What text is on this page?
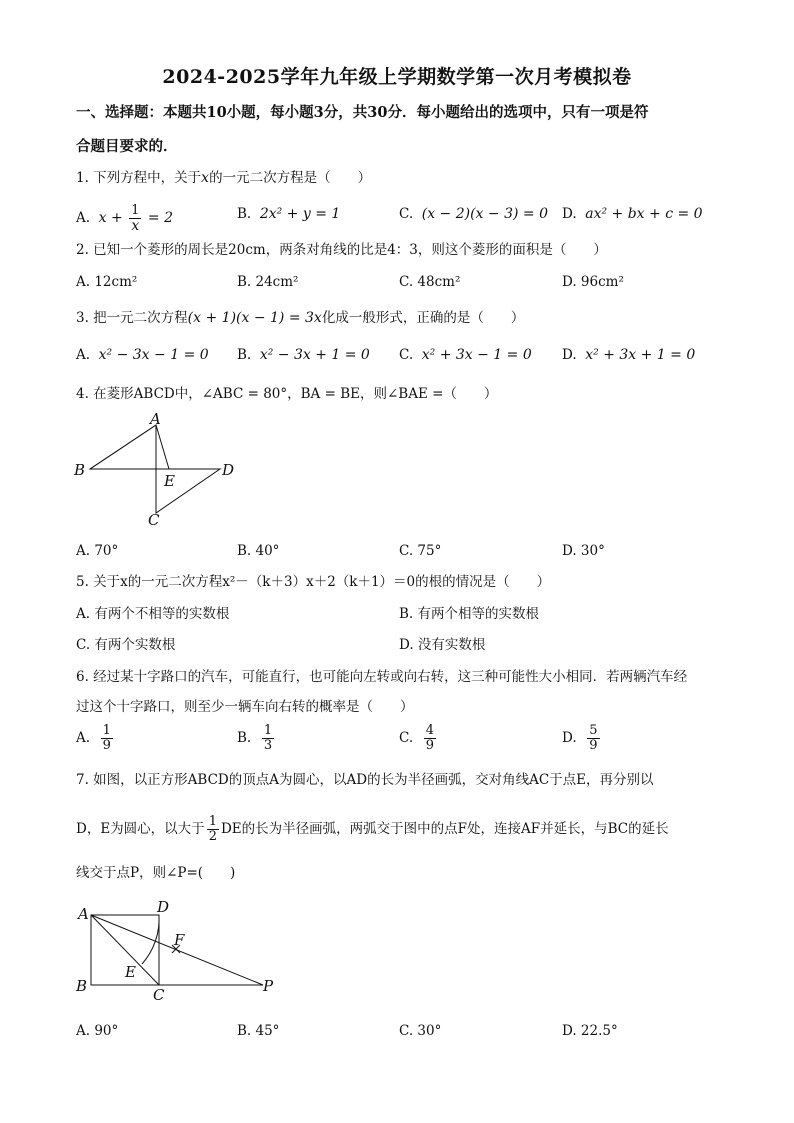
2024-2025学年九年级上学期数学第一次月考模拟卷
一、选择题：本题共10小题，每小题3分，共30分．每小题给出的选项中，只有一项是符
合题目要求的．
1. 下列方程中，关于x的一元二次方程是（　　）
A. $x + \frac{1}{x} = 2$	B. 2x² + y = 1	C. (x − 2)(x − 3) = 0 D. ax² + bx + c = 0
2. 已知一个菱形的周长是20cm，两条对角线的比是4：3，则这个菱形的面积是（　　）
A. 12cm²	B. 24cm²	C. 48cm²	D. 96cm²
3. 把一元二次方程(x + 1)(x − 1) = 3x化成一般形式，正确的是（　　）
A. x² − 3x − 1 = 0 B. x² − 3x + 1 = 0 C. x² + 3x − 1 = 0 D. x² + 3x + 1 = 0
4. 在菱形ABCD中，∠ABC = 80°，BA = BE，则∠BAE =（　　）
A
B	D
E
C
A. 70°	B. 40°	C. 75°	D. 30°
5. 关于x的一元二次方程x²－（k＋3）x＋2（k＋1）＝0的根的情况是（　　）
A. 有两个不相等的实数根	B. 有两个相等的实数根
C. 有两个实数根	D. 没有实数根
6. 经过某十字路口的汽车，可能直行，也可能向左转或向右转，这三种可能性大小相同．若两辆汽车经
过这个十字路口，则至少一辆车向右转的概率是（　　）
A. $\frac{1}{9}$	B. $\frac{1}{3}$	C. $\frac{4}{9}$	D. $\frac{5}{9}$
7. 如图，以正方形ABCD的顶点A为圆心，以AD的长为半径画弧，交对角线AC于点E，再分别以
D，E为圆心，以大于 $\frac{1}{2}$ DE的长为半径画弧，两弧交于图中的点F处，连接AF并延长，与BC的延长
线交于点P，则∠P=(　　)
A	D
F
E
B	C	P
A. 90°	B. 45°	C. 30°	D. 22.5°
